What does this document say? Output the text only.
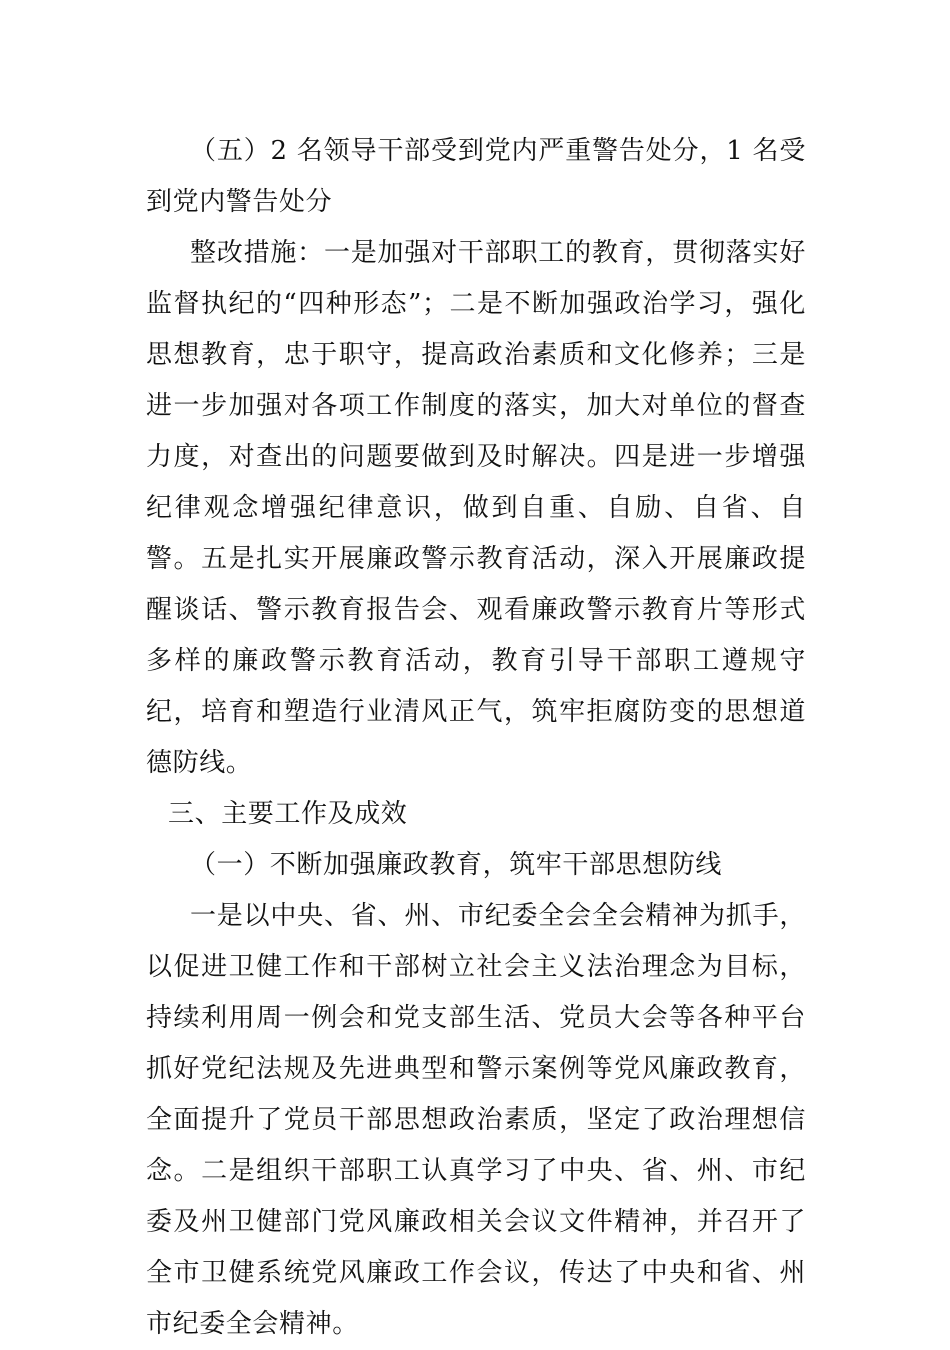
（五）2 名领导干部受到党内严重警告处分，1 名受到党内警告处分

整改措施：一是加强对干部职工的教育，贯彻落实好监督执纪的“四种形态”；二是不断加强政治学习，强化思想教育，忠于职守，提高政治素质和文化修养；三是进一步加强对各项工作制度的落实，加大对单位的督查力度，对查出的问题要做到及时解决。四是进一步增强纪律观念增强纪律意识，做到自重、自励、自省、自警。五是扎实开展廉政警示教育活动，深入开展廉政提醒谈话、警示教育报告会、观看廉政警示教育片等形式多样的廉政警示教育活动，教育引导干部职工遵规守纪，培育和塑造行业清风正气，筑牢拒腐防变的思想道德防线。

三、主要工作及成效

（一）不断加强廉政教育，筑牢干部思想防线

一是以中央、省、州、市纪委全会全会精神为抓手，以促进卫健工作和干部树立社会主义法治理念为目标，持续利用周一例会和党支部生活、党员大会等各种平台抓好党纪法规及先进典型和警示案例等党风廉政教育，全面提升了党员干部思想政治素质，坚定了政治理想信念。二是组织干部职工认真学习了中央、省、州、市纪委及州卫健部门党风廉政相关会议文件精神，并召开了全市卫健系统党风廉政工作会议，传达了中央和省、州市纪委全会精神。
